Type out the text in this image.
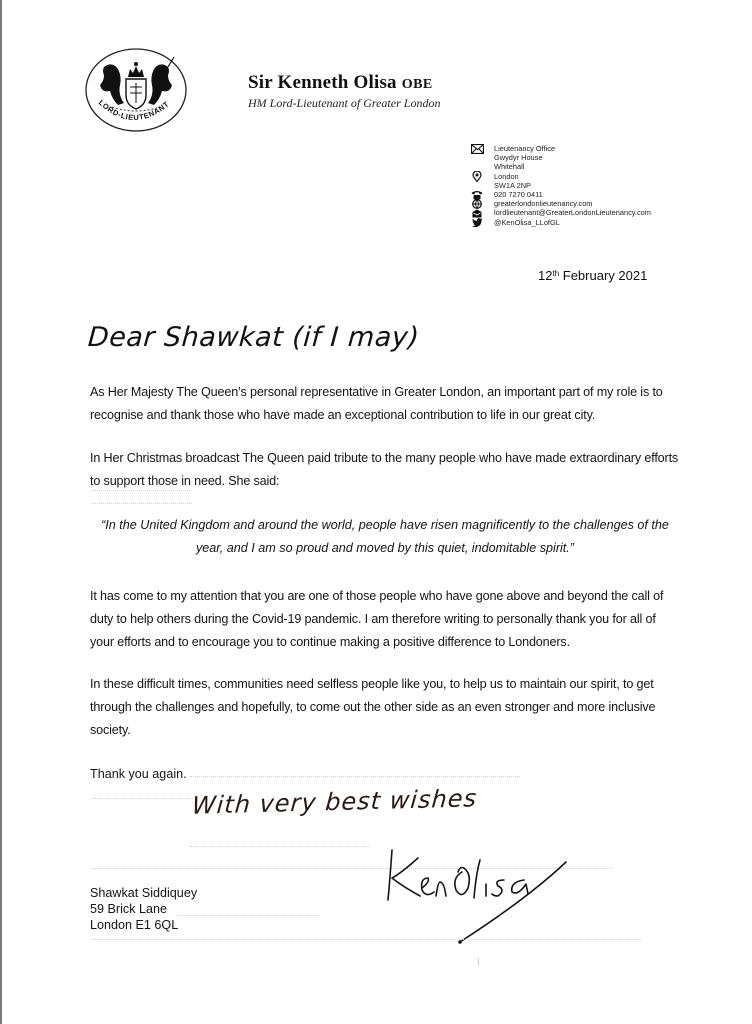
LORD-LIEUTENANT
Sir Kenneth Olisa OBE
HM Lord-Lieutenant of Greater London
Lieutenancy Office
Gwydyr House
Whitehall
London
SW1A 2NP
020 7270 0411
greaterlondonlieutenancy.com
lordlieutenant@GreaterLondonLieutenancy.com
@KenOlisa_LLofGL
12th February 2021
Dear Shawkat (if I may)
As Her Majesty The Queen’s personal representative in Greater London, an important part of my role is to recognise and thank those who have made an exceptional contribution to life in our great city.
In Her Christmas broadcast The Queen paid tribute to the many people who have made extraordinary efforts to support those in need. She said:
“In the United Kingdom and around the world, people have risen magnificently to the challenges of the year, and I am so proud and moved by this quiet, indomitable spirit.”
It has come to my attention that you are one of those people who have gone above and beyond the call of duty to help others during the Covid-19 pandemic. I am therefore writing to personally thank you for all of your efforts and to encourage you to continue making a positive difference to Londoners.
In these difficult times, communities need selfless people like you, to help us to maintain our spirit, to get through the challenges and hopefully, to come out the other side as an even stronger and more inclusive society.
Thank you again.
With very best wishes
Shawkat Siddiquey
59 Brick Lane
London E1 6QL
